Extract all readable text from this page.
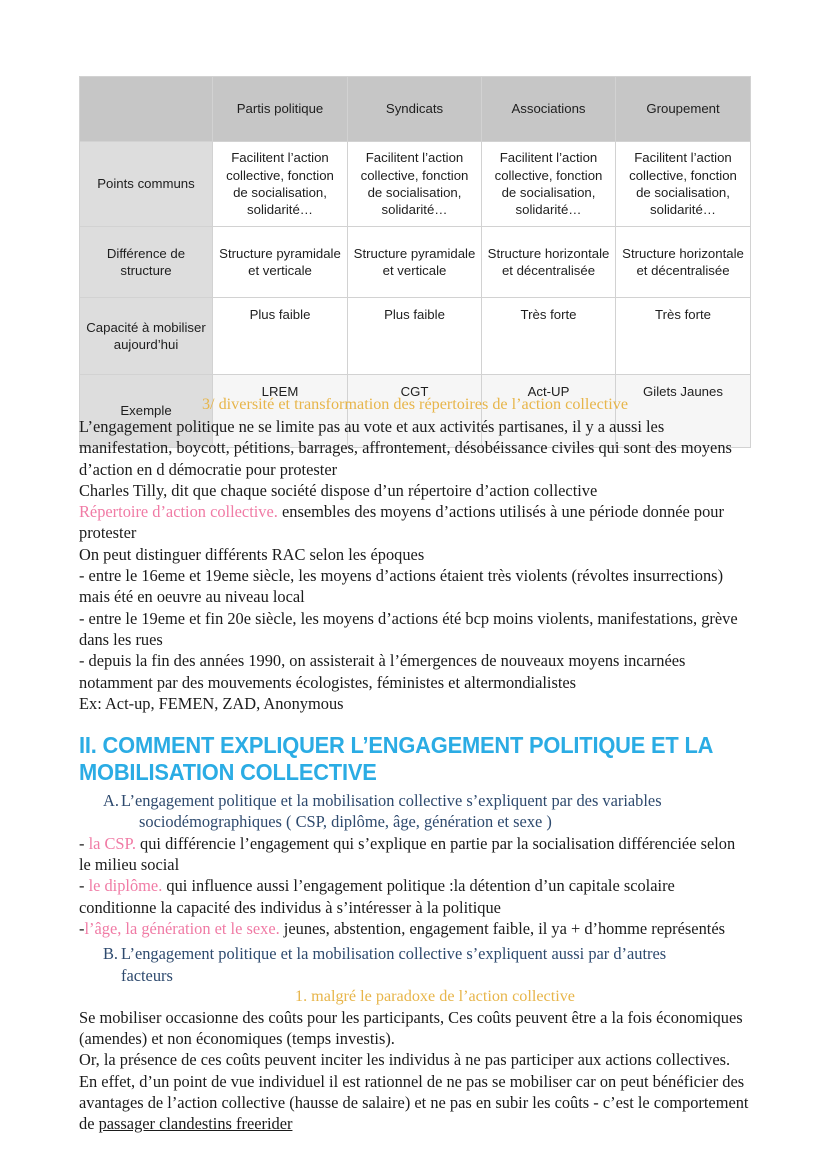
	Partis politique	Syndicats	Associations	Groupement
Points communs	Facilitent l’action collective, fonction de socialisation, solidarité…	Facilitent l’action collective, fonction de socialisation, solidarité…	Facilitent l’action collective, fonction de socialisation, solidarité…	Facilitent l’action collective, fonction de socialisation, solidarité…
Différence de structure	Structure pyramidale et verticale	Structure pyramidale et verticale	Structure horizontale et décentralisée	Structure horizontale et décentralisée
Capacité à mobiliser aujourd’hui	Plus faible	Plus faible	Très forte	Très forte
Exemple	LREM	CGT	Act-UP	Gilets Jaunes
3/ diversité et transformation des répertoires de l’action collective

L’engagement politique ne se limite pas au vote et aux activités partisanes, il y a aussi les manifestation, boycott, pétitions, barrages, affrontement, désobéissance civiles qui sont des moyens d’action en d démocratie pour protester

Charles Tilly, dit que chaque société dispose d’un répertoire d’action collective

Répertoire d’action collective. ensembles des moyens d’actions utilisés à une période donnée pour protester

On peut distinguer différents RAC selon les époques

- entre le 16eme et 19eme siècle, les moyens d’actions étaient très violents (révoltes insurrections) mais été en oeuvre au niveau local

- entre le 19eme et fin 20e siècle, les moyens d’actions été bcp moins violents, manifestations, grève dans les rues

- depuis la fin des années 1990, on assisterait à l’émergences de nouveaux moyens incarnées notamment par des mouvements écologistes, féministes et altermondialistes

Ex: Act-up, FEMEN, ZAD, Anonymous

II. COMMENT EXPLIQUER L’ENGAGEMENT POLITIQUE ET LA MOBILISATION COLLECTIVE
A. L’engagement politique et la mobilisation collective s’expliquent par des variables
sociodémographiques ( CSP, diplôme, âge, génération et sexe )

- la CSP. qui différencie l’engagement qui s’explique en partie par la socialisation différenciée selon le milieu social

- le diplôme. qui influence aussi l’engagement politique :la détention d’un capitale scolaire conditionne la capacité des individus à s’intéresser à la politique

-l’âge, la génération et le sexe. jeunes, abstention, engagement faible, il ya + d’homme représentés

B. L’engagement politique et la mobilisation collective s’expliquent aussi par d’autres facteurs
1. malgré le paradoxe de l’action collective

Se mobiliser occasionne des coûts pour les participants, Ces coûts peuvent être a la fois économiques (amendes) et non économiques (temps investis).

Or, la présence de ces coûts peuvent inciter les individus à ne pas participer aux actions collectives.

En effet, d’un point de vue individuel il est rationnel de ne pas se mobiliser car on peut bénéficier des avantages de l’action collective (hausse de salaire) et ne pas en subir les coûts - c’est le comportement de passager clandestins freerider
